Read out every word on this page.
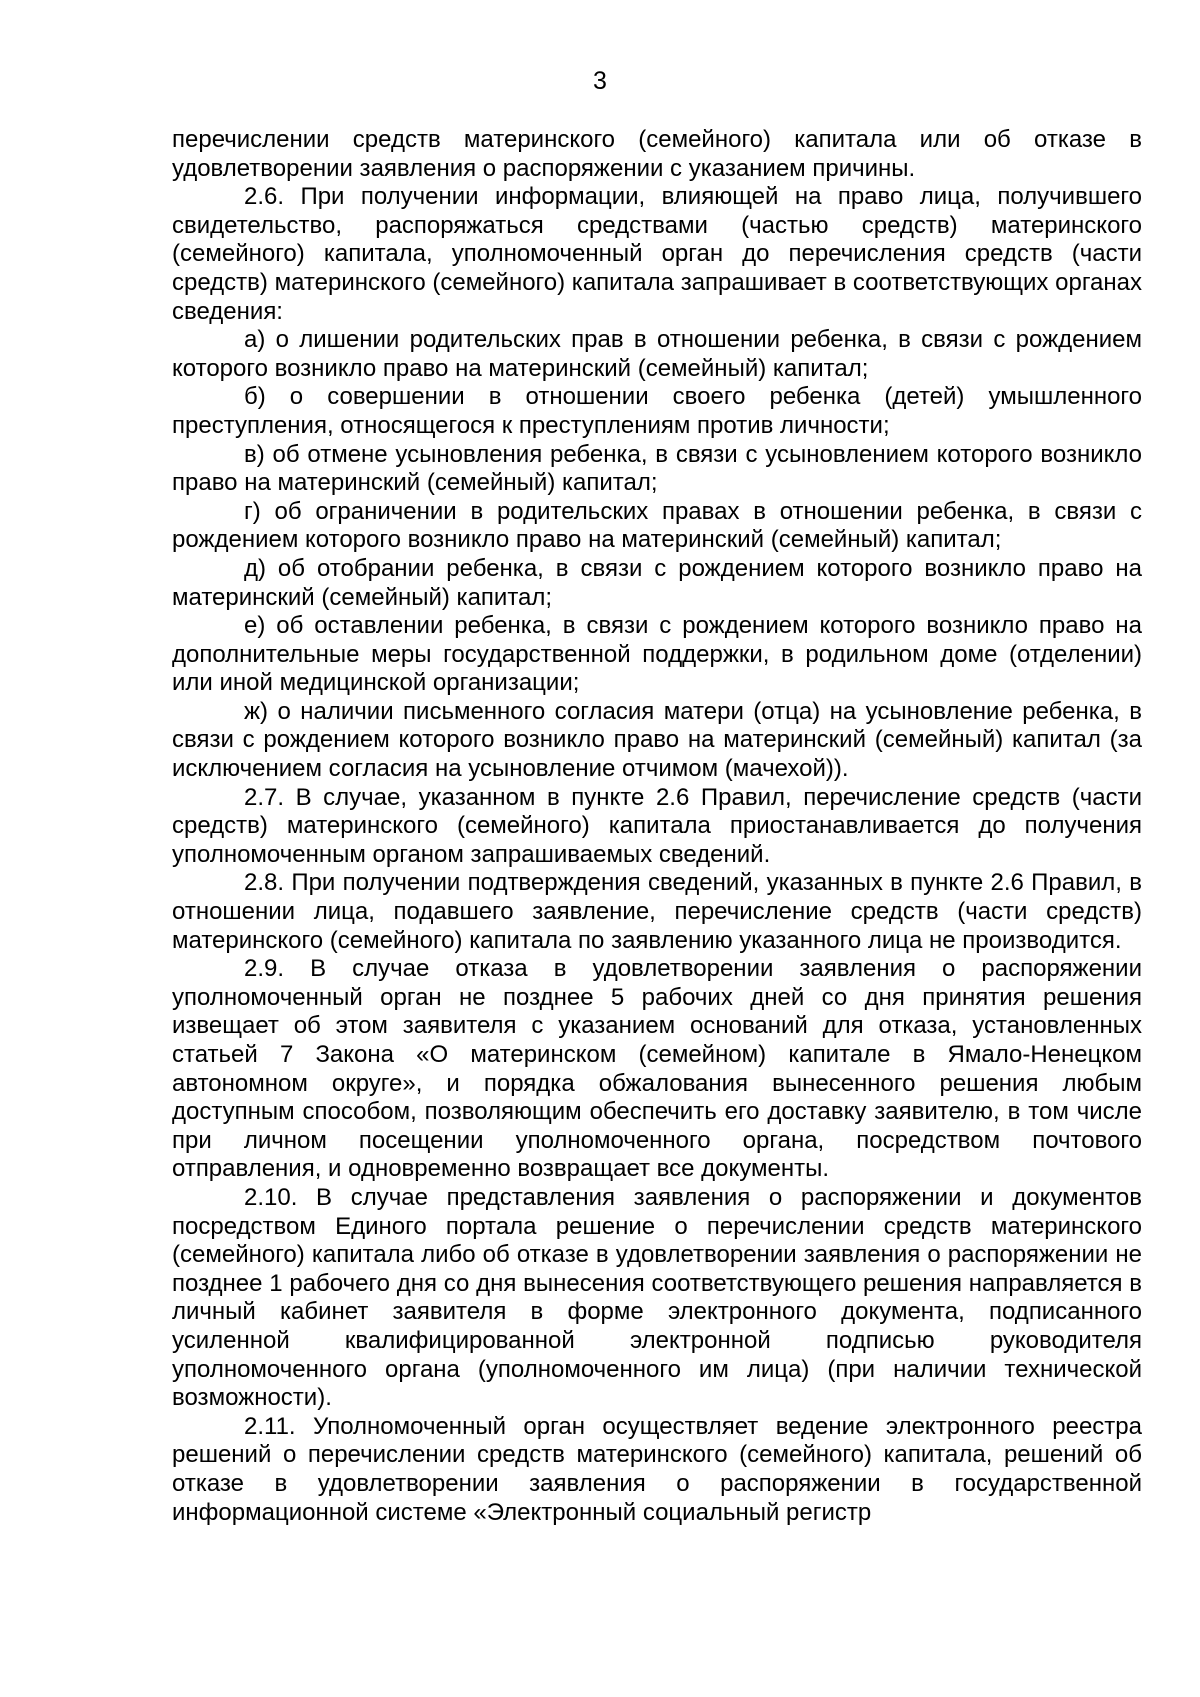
3

перечислении средств материнского (семейного) капитала или об отказе в удовлетворении заявления о распоряжении с указанием причины.

2.6. При получении информации, влияющей на право лица, получившего свидетельство, распоряжаться средствами (частью средств) материнского (семейного) капитала, уполномоченный орган до перечисления средств (части средств) материнского (семейного) капитала запрашивает в соответствующих органах сведения:

а) о лишении родительских прав в отношении ребенка, в связи с рождением которого возникло право на материнский (семейный) капитал;

б) о совершении в отношении своего ребенка (детей) умышленного преступления, относящегося к преступлениям против личности;

в) об отмене усыновления ребенка, в связи с усыновлением которого возникло право на материнский (семейный) капитал;

г) об ограничении в родительских правах в отношении ребенка, в связи с рождением которого возникло право на материнский (семейный) капитал;

д) об отобрании ребенка, в связи с рождением которого возникло право на материнский (семейный) капитал;

е) об оставлении ребенка, в связи с рождением которого возникло право на дополнительные меры государственной поддержки, в родильном доме (отделении) или иной медицинской организации;

ж) о наличии письменного согласия матери (отца) на усыновление ребенка, в связи с рождением которого возникло право на материнский (семейный) капитал (за исключением согласия на усыновление отчимом (мачехой)).

2.7. В случае, указанном в пункте 2.6 Правил, перечисление средств (части средств) материнского (семейного) капитала приостанавливается до получения уполномоченным органом запрашиваемых сведений.

2.8. При получении подтверждения сведений, указанных в пункте 2.6 Правил, в отношении лица, подавшего заявление, перечисление средств (части средств) материнского (семейного) капитала по заявлению указанного лица не производится.

2.9. В случае отказа в удовлетворении заявления о распоряжении уполномоченный орган не позднее 5 рабочих дней со дня принятия решения извещает об этом заявителя с указанием оснований для отказа, установленных статьей 7 Закона «О материнском (семейном) капитале в Ямало-Ненецком автономном округе», и порядка обжалования вынесенного решения любым доступным способом, позволяющим обеспечить его доставку заявителю, в том числе при личном посещении уполномоченного органа, посредством почтового отправления, и одновременно возвращает все документы.

2.10. В случае представления заявления о распоряжении и документов посредством Единого портала решение о перечислении средств материнского (семейного) капитала либо об отказе в удовлетворении заявления о распоряжении не позднее 1 рабочего дня со дня вынесения соответствующего решения направляется в личный кабинет заявителя в форме электронного документа, подписанного усиленной квалифицированной электронной подписью руководителя уполномоченного органа (уполномоченного им лица) (при наличии технической возможности).

2.11. Уполномоченный орган осуществляет ведение электронного реестра решений о перечислении средств материнского (семейного) капитала, решений об отказе в удовлетворении заявления о распоряжении в государственной информационной системе «Электронный социальный регистр
